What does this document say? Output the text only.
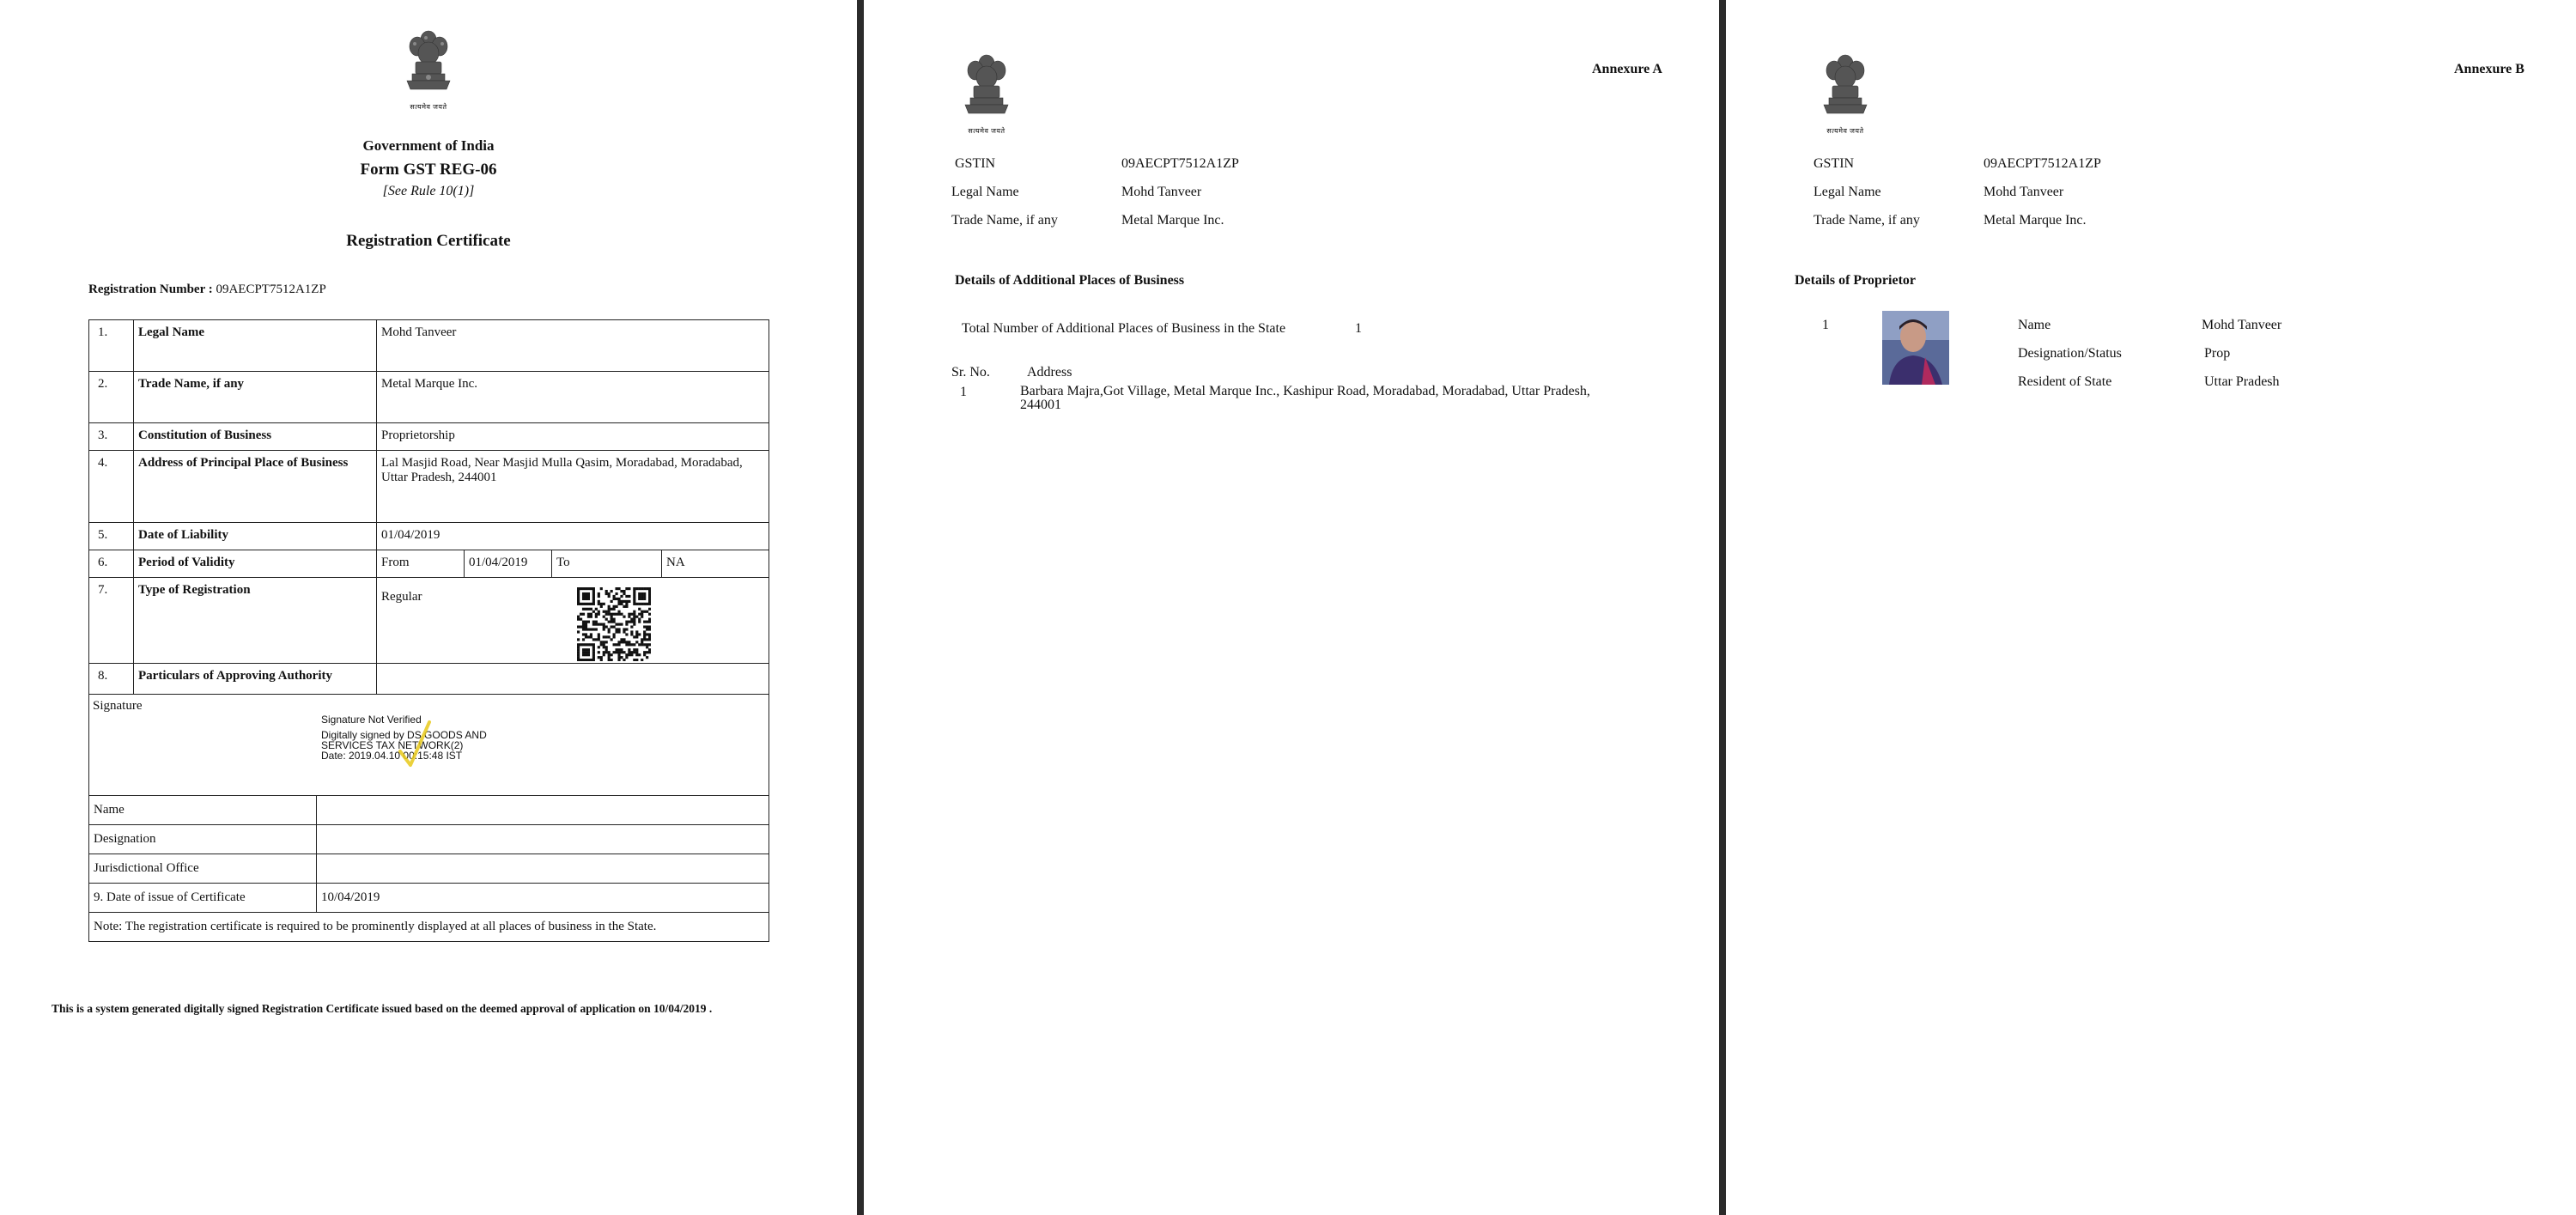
सत्यमेव जयते
Government of India
Form GST REG-06
[See Rule 10(1)]
Registration Certificate
Registration Number : 09AECPT7512A1ZP
1.	Legal Name	Mohd Tanveer			
2.	Trade Name, if any	Metal Marque Inc.			
3.	Constitution of Business	Proprietorship			
4.	Address of Principal Place of Business	Lal Masjid Road, Near Masjid Mulla Qasim, Moradabad, Moradabad, Uttar Pradesh, 244001			
5.	Date of Liability	01/04/2019			
6.	Period of Validity	From	01/04/2019	To	NA
7.	Type of Registration	Regular			
8.	Particulars of Approving Authority				
Signature
Signature Not Verified
Digitally signed by DS GOODS AND
SERVICES TAX NETWORK(2)
Date: 2019.04.10 00:15:48 IST
Name	
Designation	
Jurisdictional Office	
9. Date of issue of Certificate	10/04/2019
Note: The registration certificate is required to be prominently displayed at all places of business in the State.	
This is a system generated digitally signed Registration Certificate issued based on the deemed approval of application on 10/04/2019 .
सत्यमेव जयते
Annexure A
GSTIN	09AECPT7512A1ZP
Legal Name	Mohd Tanveer
Trade Name, if any	Metal Marque Inc.
Details of Additional Places of Business
Total Number of Additional Places of Business in the State	1
Sr. No.	Address
1	Barbara Majra,Got Village, Metal Marque Inc., Kashipur Road, Moradabad, Moradabad, Uttar Pradesh,
244001
सत्यमेव जयते
Annexure B
GSTIN	09AECPT7512A1ZP
Legal Name	Mohd Tanveer
Trade Name, if any	Metal Marque Inc.
Details of Proprietor
1	Name	Mohd Tanveer
Designation/Status	Prop
Resident of State	Uttar Pradesh
